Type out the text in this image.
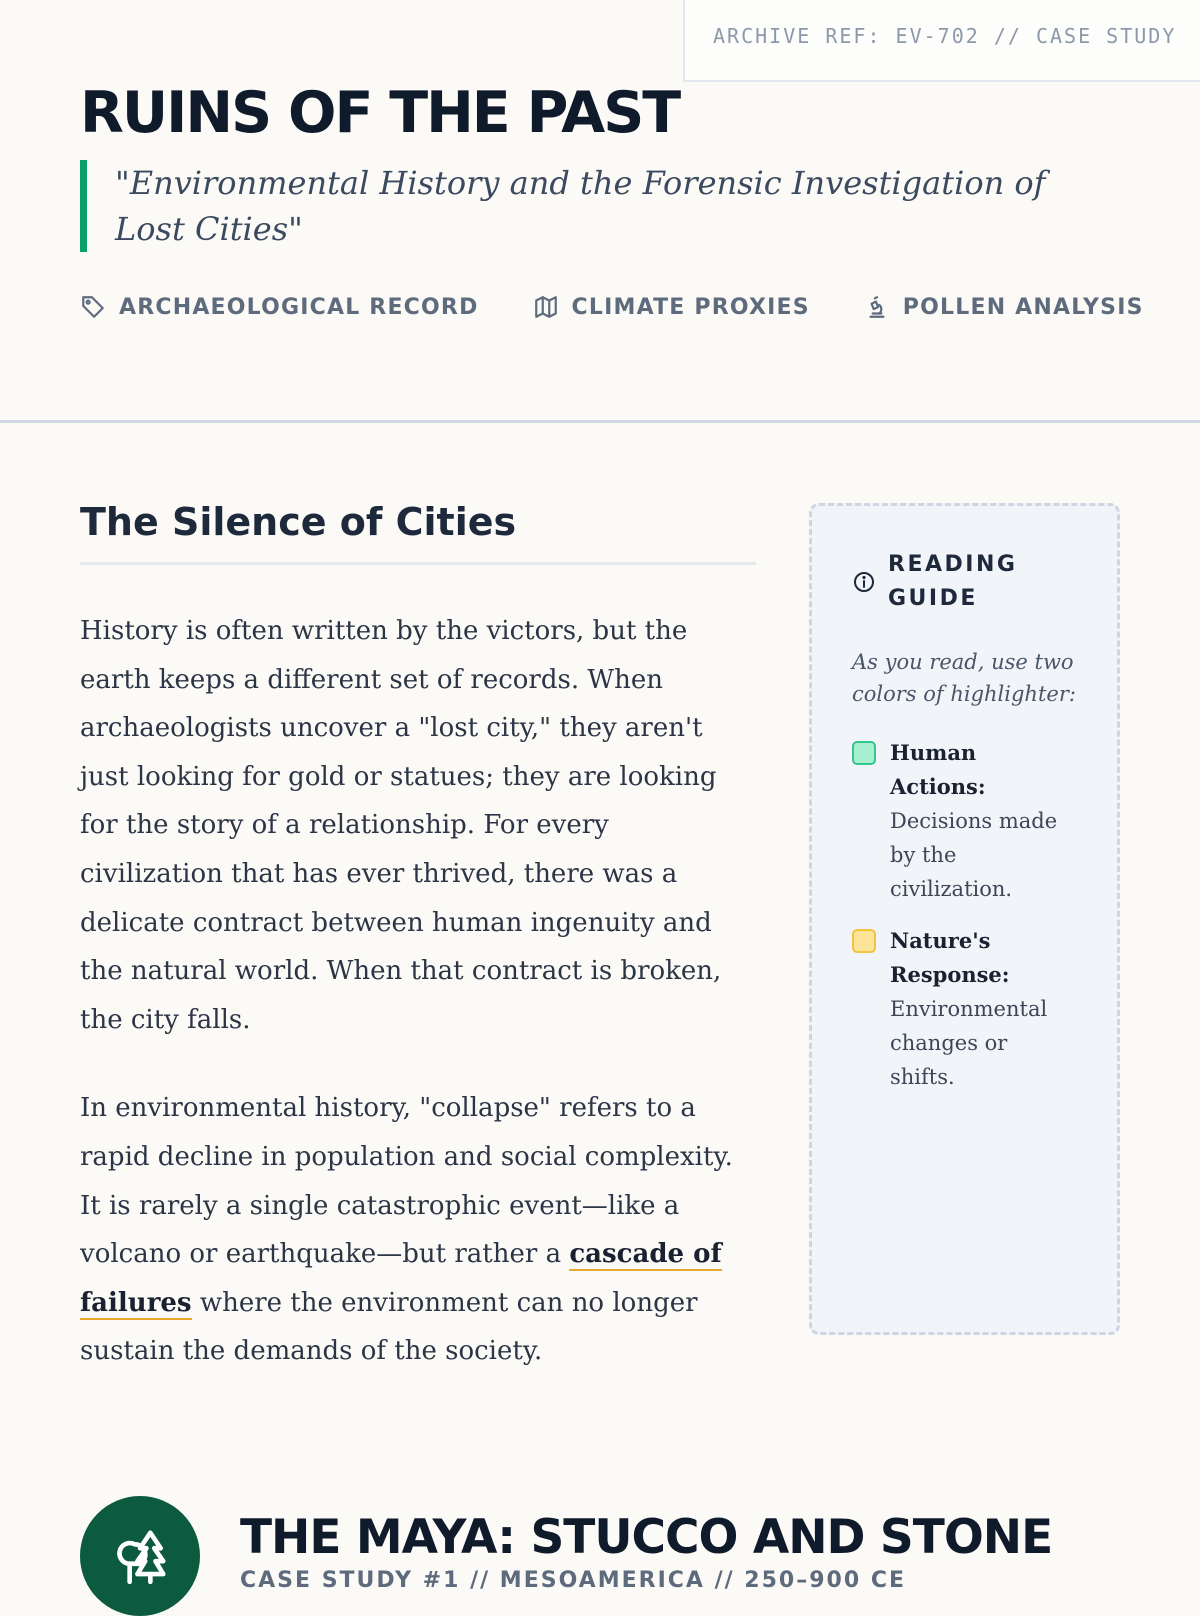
ARCHIVE REF: EV-702 // CASE STUDY
RUINS OF THE PAST

"Environmental History and the Forensic Investigation of Lost Cities"

ARCHAEOLOGICAL RECORD	CLIMATE PROXIES	POLLEN ANALYSIS
The Silence of Cities

History is often written by the victors, but the earth keeps a different set of records. When archaeologists uncover a "lost city," they aren't just looking for gold or statues; they are looking for the story of a relationship. For every civilization that has ever thrived, there was a delicate contract between human ingenuity and the natural world. When that contract is broken, the city falls.

In environmental history, "collapse" refers to a rapid decline in population and social complexity. It is rarely a single catastrophic event—like a volcano or earthquake—but rather a cascade of failures where the environment can no longer sustain the demands of the society.

READING GUIDE

As you read, use two colors of highlighter:

Human Actions: Decisions made by the civilization.
Nature's Response: Environmental changes or shifts.
THE MAYA: STUCCO AND STONE
CASE STUDY #1 // MESOAMERICA // 250–900 CE
